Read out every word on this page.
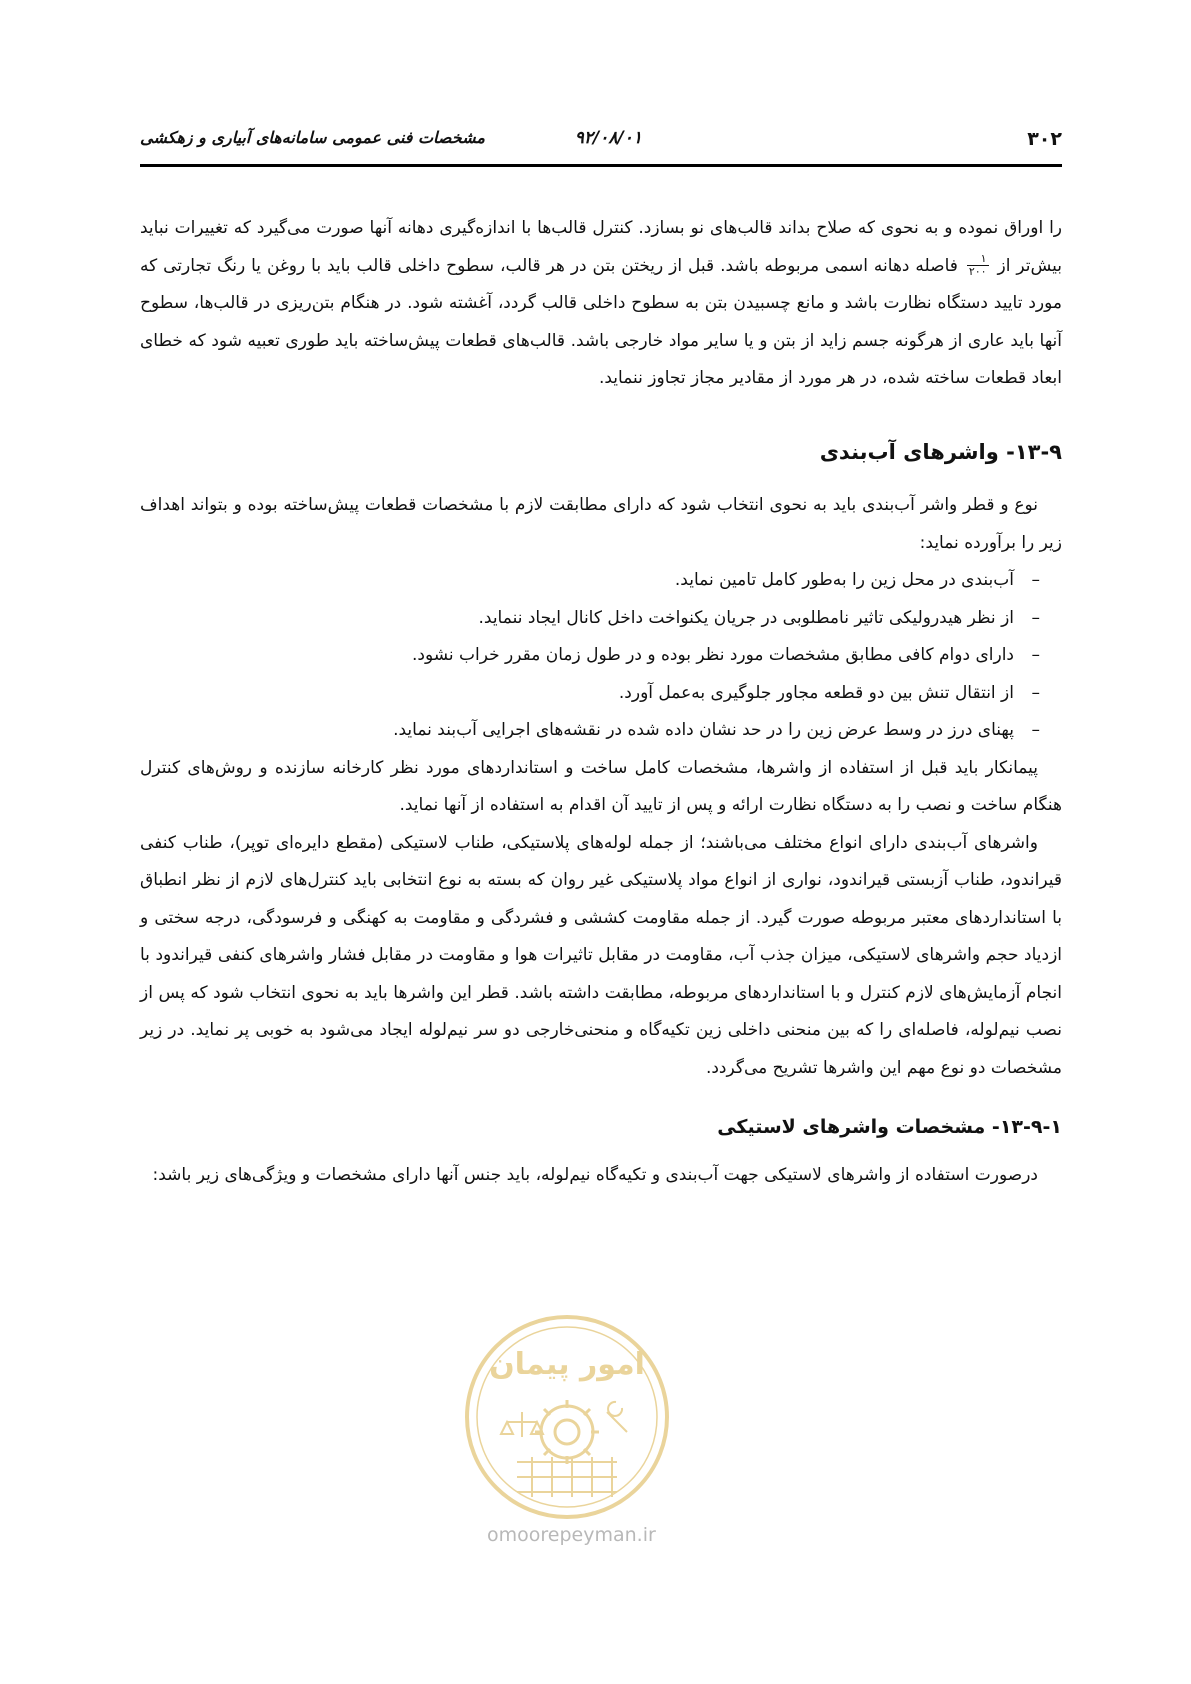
۳۰۲
۹۲/۰۸/۰۱
مشخصات فنی عمومی سامانه‌های آبیاری و زهکشی

را اوراق نموده و به نحوی که صلاح بداند قالب‌های نو بسازد. کنترل قالب‌ها با اندازه‌گیری دهانه آنها صورت می‌گیرد که تغییرات نباید بیش‌تر از
$\frac{۱}{۲۰۰}$
فاصله دهانه اسمی مربوطه باشد. قبل از ریختن بتن در هر قالب، سطوح داخلی قالب باید با روغن یا رنگ تجارتی که مورد تایید دستگاه نظارت باشد و مانع چسبیدن بتن به سطوح داخلی قالب گردد، آغشته شود. در هنگام بتن‌ریزی در قالب‌ها، سطوح آنها باید عاری از هرگونه جسم زاید از بتن و یا سایر مواد خارجی باشد. قالب‌های قطعات پیش‌ساخته باید طوری تعبیه شود که خطای ابعاد قطعات ساخته شده، در هر مورد از مقادیر مجاز تجاوز ننماید.

۱۳-۹- واشرهای آب‌بندی

نوع و قطر واشر آب‌بندی باید به نحوی انتخاب شود که دارای مطابقت لازم با مشخصات قطعات پیش‌ساخته بوده و بتواند اهداف زیر را برآورده نماید:

–
آب‌بندی در محل زین را به‌طور کامل تامین نماید.
–
از نظر هیدرولیکی تاثیر نامطلوبی در جریان یکنواخت داخل کانال ایجاد ننماید.
–
دارای دوام کافی مطابق مشخصات مورد نظر بوده و در طول زمان مقرر خراب نشود.
–
از انتقال تنش بین دو قطعه مجاور جلوگیری به‌عمل آورد.
–
پهنای درز در وسط عرض زین را در حد نشان داده شده در نقشه‌های اجرایی آب‌بند نماید.

پیمانکار باید قبل از استفاده از واشرها، مشخصات کامل ساخت و استانداردهای مورد نظر کارخانه سازنده و روش‌های کنترل هنگام ساخت و نصب را به دستگاه نظارت ارائه و پس از تایید آن اقدام به استفاده از آنها نماید.

واشرهای آب‌بندی دارای انواع مختلف می‌باشند؛ از جمله لوله‌های پلاستیکی، طناب لاستیکی (مقطع دایره‌ای توپر)، طناب کنفی قیراندود، طناب آزبستی قیراندود، نواری از انواع مواد پلاستیکی غیر روان که بسته به نوع انتخابی باید کنترل‌های لازم از نظر انطباق با استانداردهای معتبر مربوطه صورت گیرد. از جمله مقاومت کششی و فشردگی و مقاومت به کهنگی و فرسودگی، درجه سختی و ازدیاد حجم واشرهای لاستیکی، میزان جذب آب، مقاومت در مقابل تاثیرات هوا و مقاومت در مقابل فشار واشرهای کنفی قیراندود با انجام آزمایش‌های لازم کنترل و با استانداردهای مربوطه، مطابقت داشته باشد. قطر این واشرها باید به نحوی انتخاب شود که پس از نصب نیم‌لوله، فاصله‌ای را که بین منحنی داخلی زین تکیه‌گاه و منحنی‌خارجی دو سر نیم‌لوله ایجاد می‌شود به خوبی پر نماید. در زیر مشخصات دو نوع مهم این واشرها تشریح می‌گردد.

۱۳-۹-۱- مشخصات واشرهای لاستیکی

درصورت استفاده از واشرهای لاستیکی جهت آب‌بندی و تکیه‌گاه نیم‌لوله، باید جنس آنها دارای مشخصات و ویژگی‌های زیر باشد:

امور پیمان
omoorepeyman.ir
